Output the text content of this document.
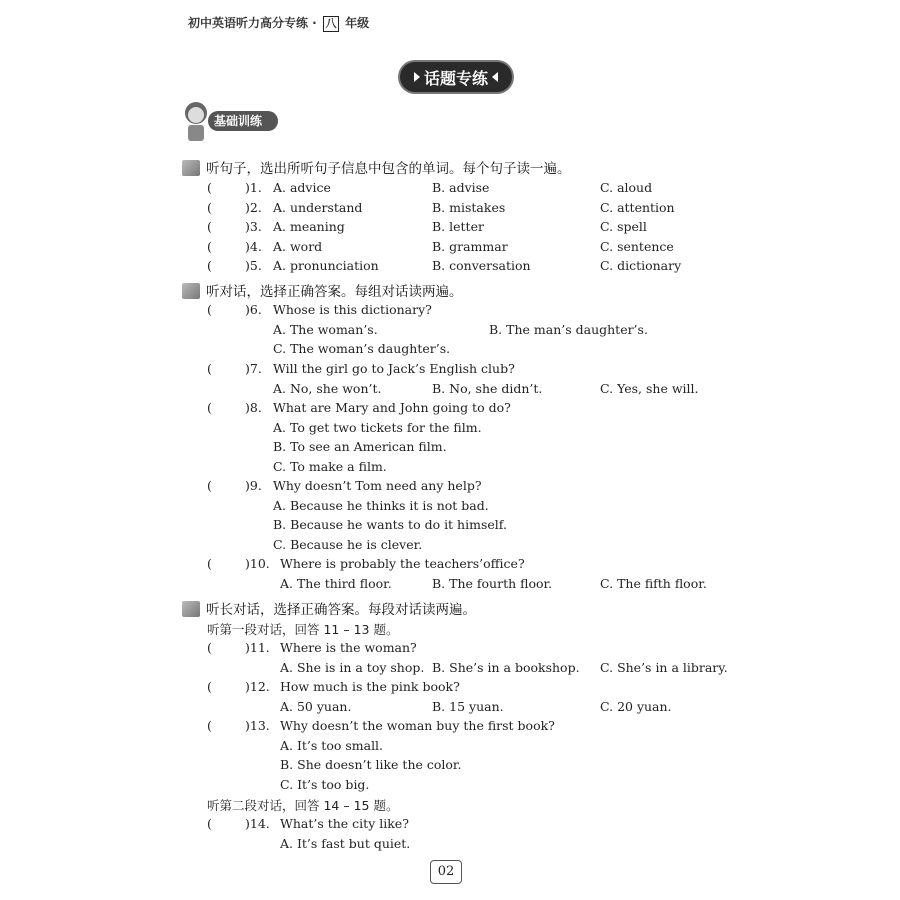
初中英语听力高分专练 · 八 年级
话题专练
基础训练
听句子，选出所听句子信息中包含的单词。每个句子读一遍。
(	)1. A. advice	B. advise	C. aloud
(	)2. A. understand	B. mistakes	C. attention
(	)3. A. meaning	B. letter	C. spell
(	)4. A. word	B. grammar	C. sentence
(	)5. A. pronunciation	B. conversation	C. dictionary
听对话，选择正确答案。每组对话读两遍。
(	)6. Whose is this dictionary?
A. The woman’s.	B. The man’s daughter’s.
C. The woman’s daughter’s.
(	)7. Will the girl go to Jack’s English club?
A. No, she won’t.	B. No, she didn’t.	C. Yes, she will.
(	)8. What are Mary and John going to do?
A. To get two tickets for the film.
B. To see an American film.
C. To make a film.
(	)9. Why doesn’t Tom need any help?
A. Because he thinks it is not bad.
B. Because he wants to do it himself.
C. Because he is clever.
(	)10. Where is probably the teachers’office?
A. The third floor.	B. The fourth floor.	C. The fifth floor.
听长对话，选择正确答案。每段对话读两遍。
听第一段对话，回答 11 – 13 题。
(	)11. Where is the woman?
A. She is in a toy shop. B. She’s in a bookshop. C. She’s in a library.
(	)12. How much is the pink book?
A. 50 yuan.	B. 15 yuan.	C. 20 yuan.
(	)13. Why doesn’t the woman buy the first book?
A. It’s too small.
B. She doesn’t like the color.
C. It’s too big.
听第二段对话，回答 14 – 15 题。
(	)14. What’s the city like?
A. It’s fast but quiet.
02
